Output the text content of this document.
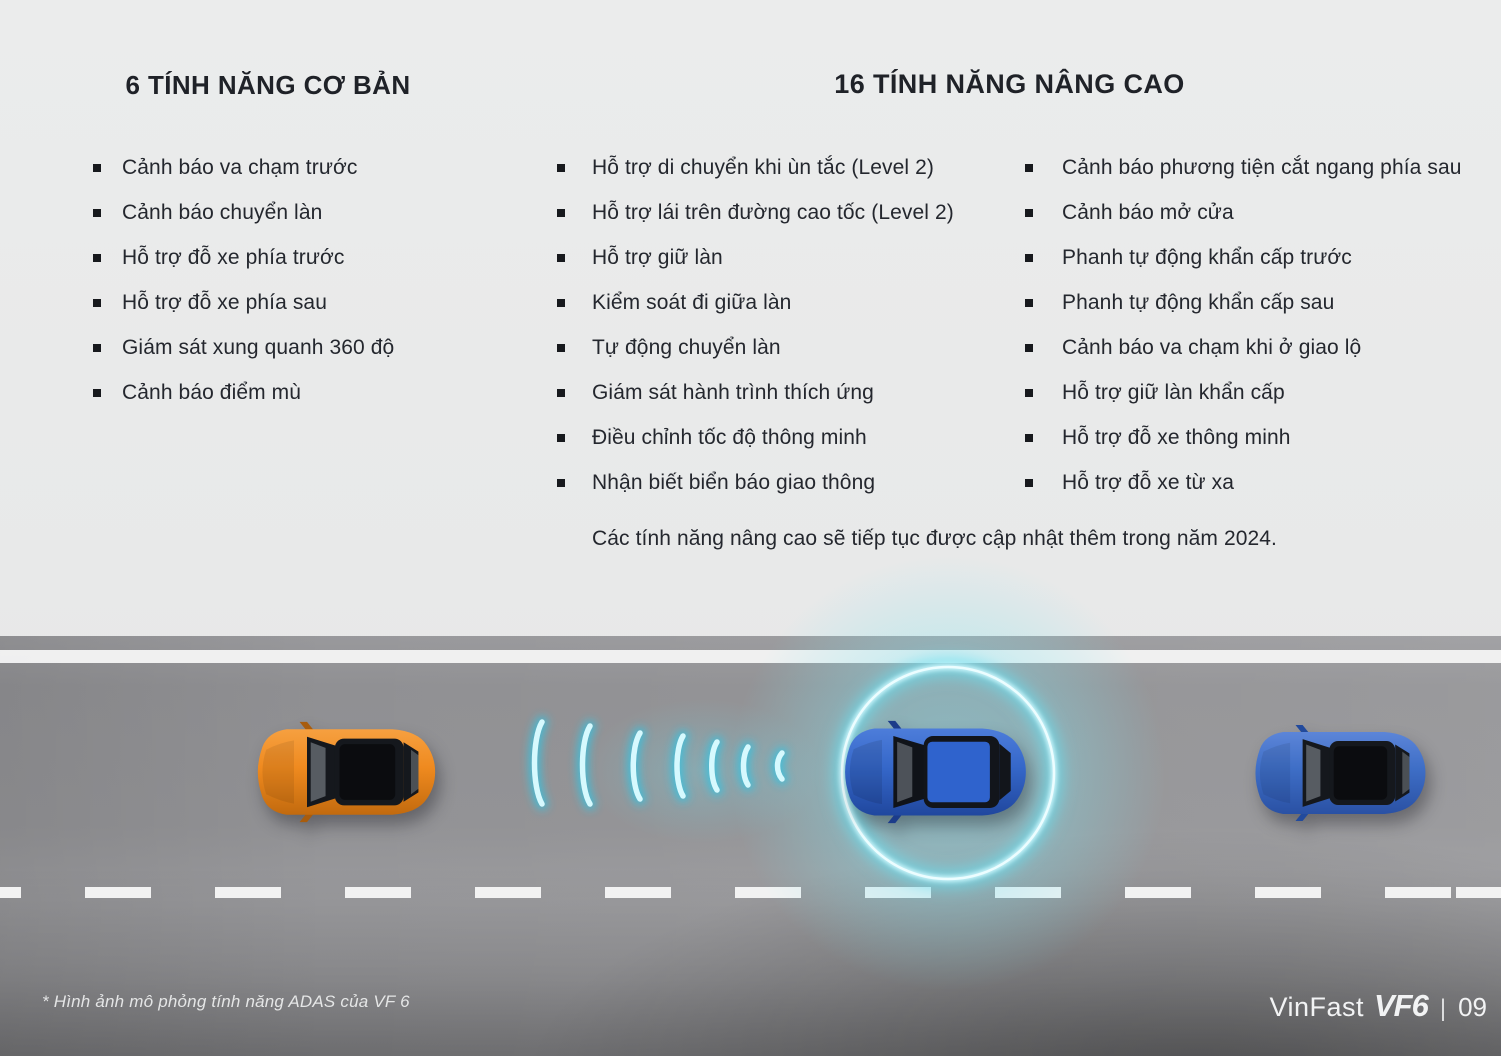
6 TÍNH NĂNG CƠ BẢN	16 TÍNH NĂNG NÂNG CAO
Cảnh báo va chạm trước
Cảnh báo chuyển làn
Hỗ trợ đỗ xe phía trước
Hỗ trợ đỗ xe phía sau
Giám sát xung quanh 360 độ
Cảnh báo điểm mù
Hỗ trợ di chuyển khi ùn tắc (Level 2)
Hỗ trợ lái trên đường cao tốc (Level 2)
Hỗ trợ giữ làn
Kiểm soát đi giữa làn
Tự động chuyển làn
Giám sát hành trình thích ứng
Điều chỉnh tốc độ thông minh
Nhận biết biển báo giao thông
Cảnh báo phương tiện cắt ngang phía sau
Cảnh báo mở cửa
Phanh tự động khẩn cấp trước
Phanh tự động khẩn cấp sau
Cảnh báo va chạm khi ở giao lộ
Hỗ trợ giữ làn khẩn cấp
Hỗ trợ đỗ xe thông minh
Hỗ trợ đỗ xe từ xa
Các tính năng nâng cao sẽ tiếp tục được cập nhật thêm trong năm 2024.
* Hình ảnh mô phỏng tính năng ADAS của VF 6	VinFast VF6 | 09
